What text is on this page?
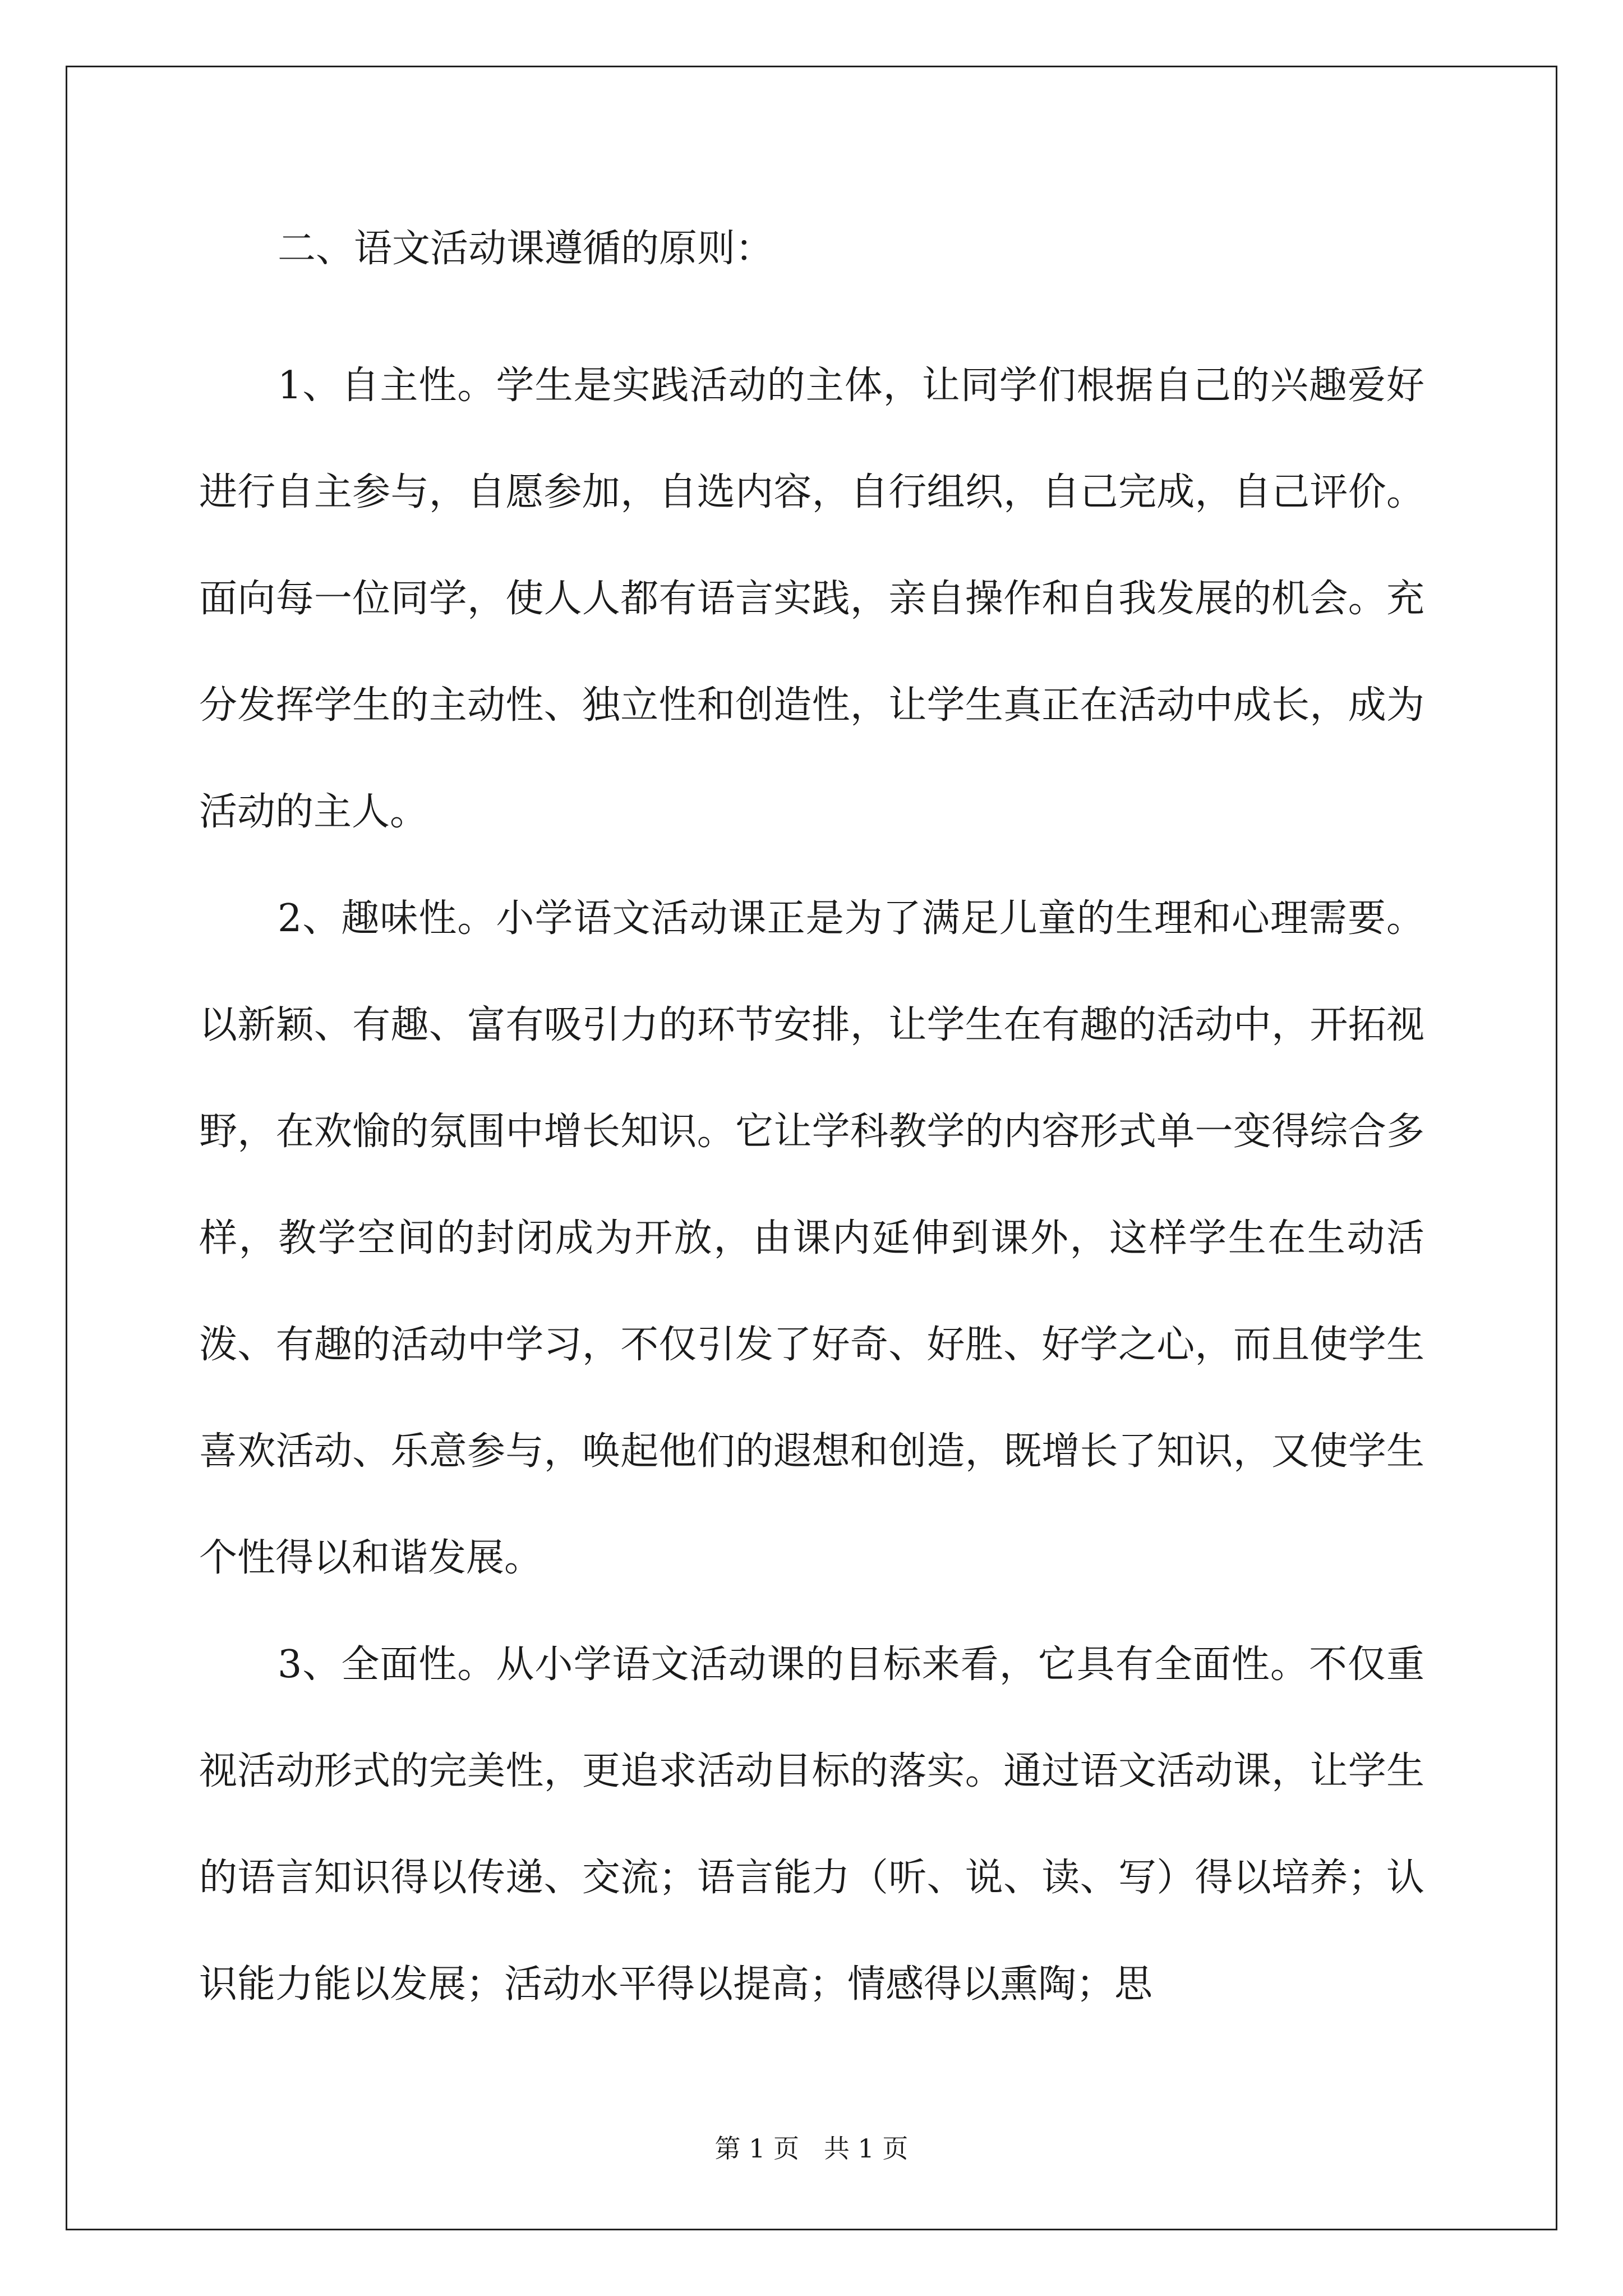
二、语文活动课遵循的原则：

1、自主性。学生是实践活动的主体，让同学们根据自己的兴趣爱好进行自主参与，自愿参加，自选内容，自行组织，自己完成，自己评价。面向每一位同学，使人人都有语言实践，亲自操作和自我发展的机会。充分发挥学生的主动性、独立性和创造性，让学生真正在活动中成长，成为活动的主人。

2、趣味性。小学语文活动课正是为了满足儿童的生理和心理需要。以新颖、有趣、富有吸引力的环节安排，让学生在有趣的活动中，开拓视野，在欢愉的氛围中增长知识。它让学科教学的内容形式单一变得综合多样，教学空间的封闭成为开放，由课内延伸到课外，这样学生在生动活泼、有趣的活动中学习，不仅引发了好奇、好胜、好学之心，而且使学生喜欢活动、乐意参与，唤起他们的遐想和创造，既增长了知识，又使学生个性得以和谐发展。

3、全面性。从小学语文活动课的目标来看，它具有全面性。不仅重视活动形式的完美性，更追求活动目标的落实。通过语文活动课，让学生的语言知识得以传递、交流；语言能力（听、说、读、写）得以培养；认识能力能以发展；活动水平得以提高；情感得以熏陶；思

第 1 页   共 1 页
